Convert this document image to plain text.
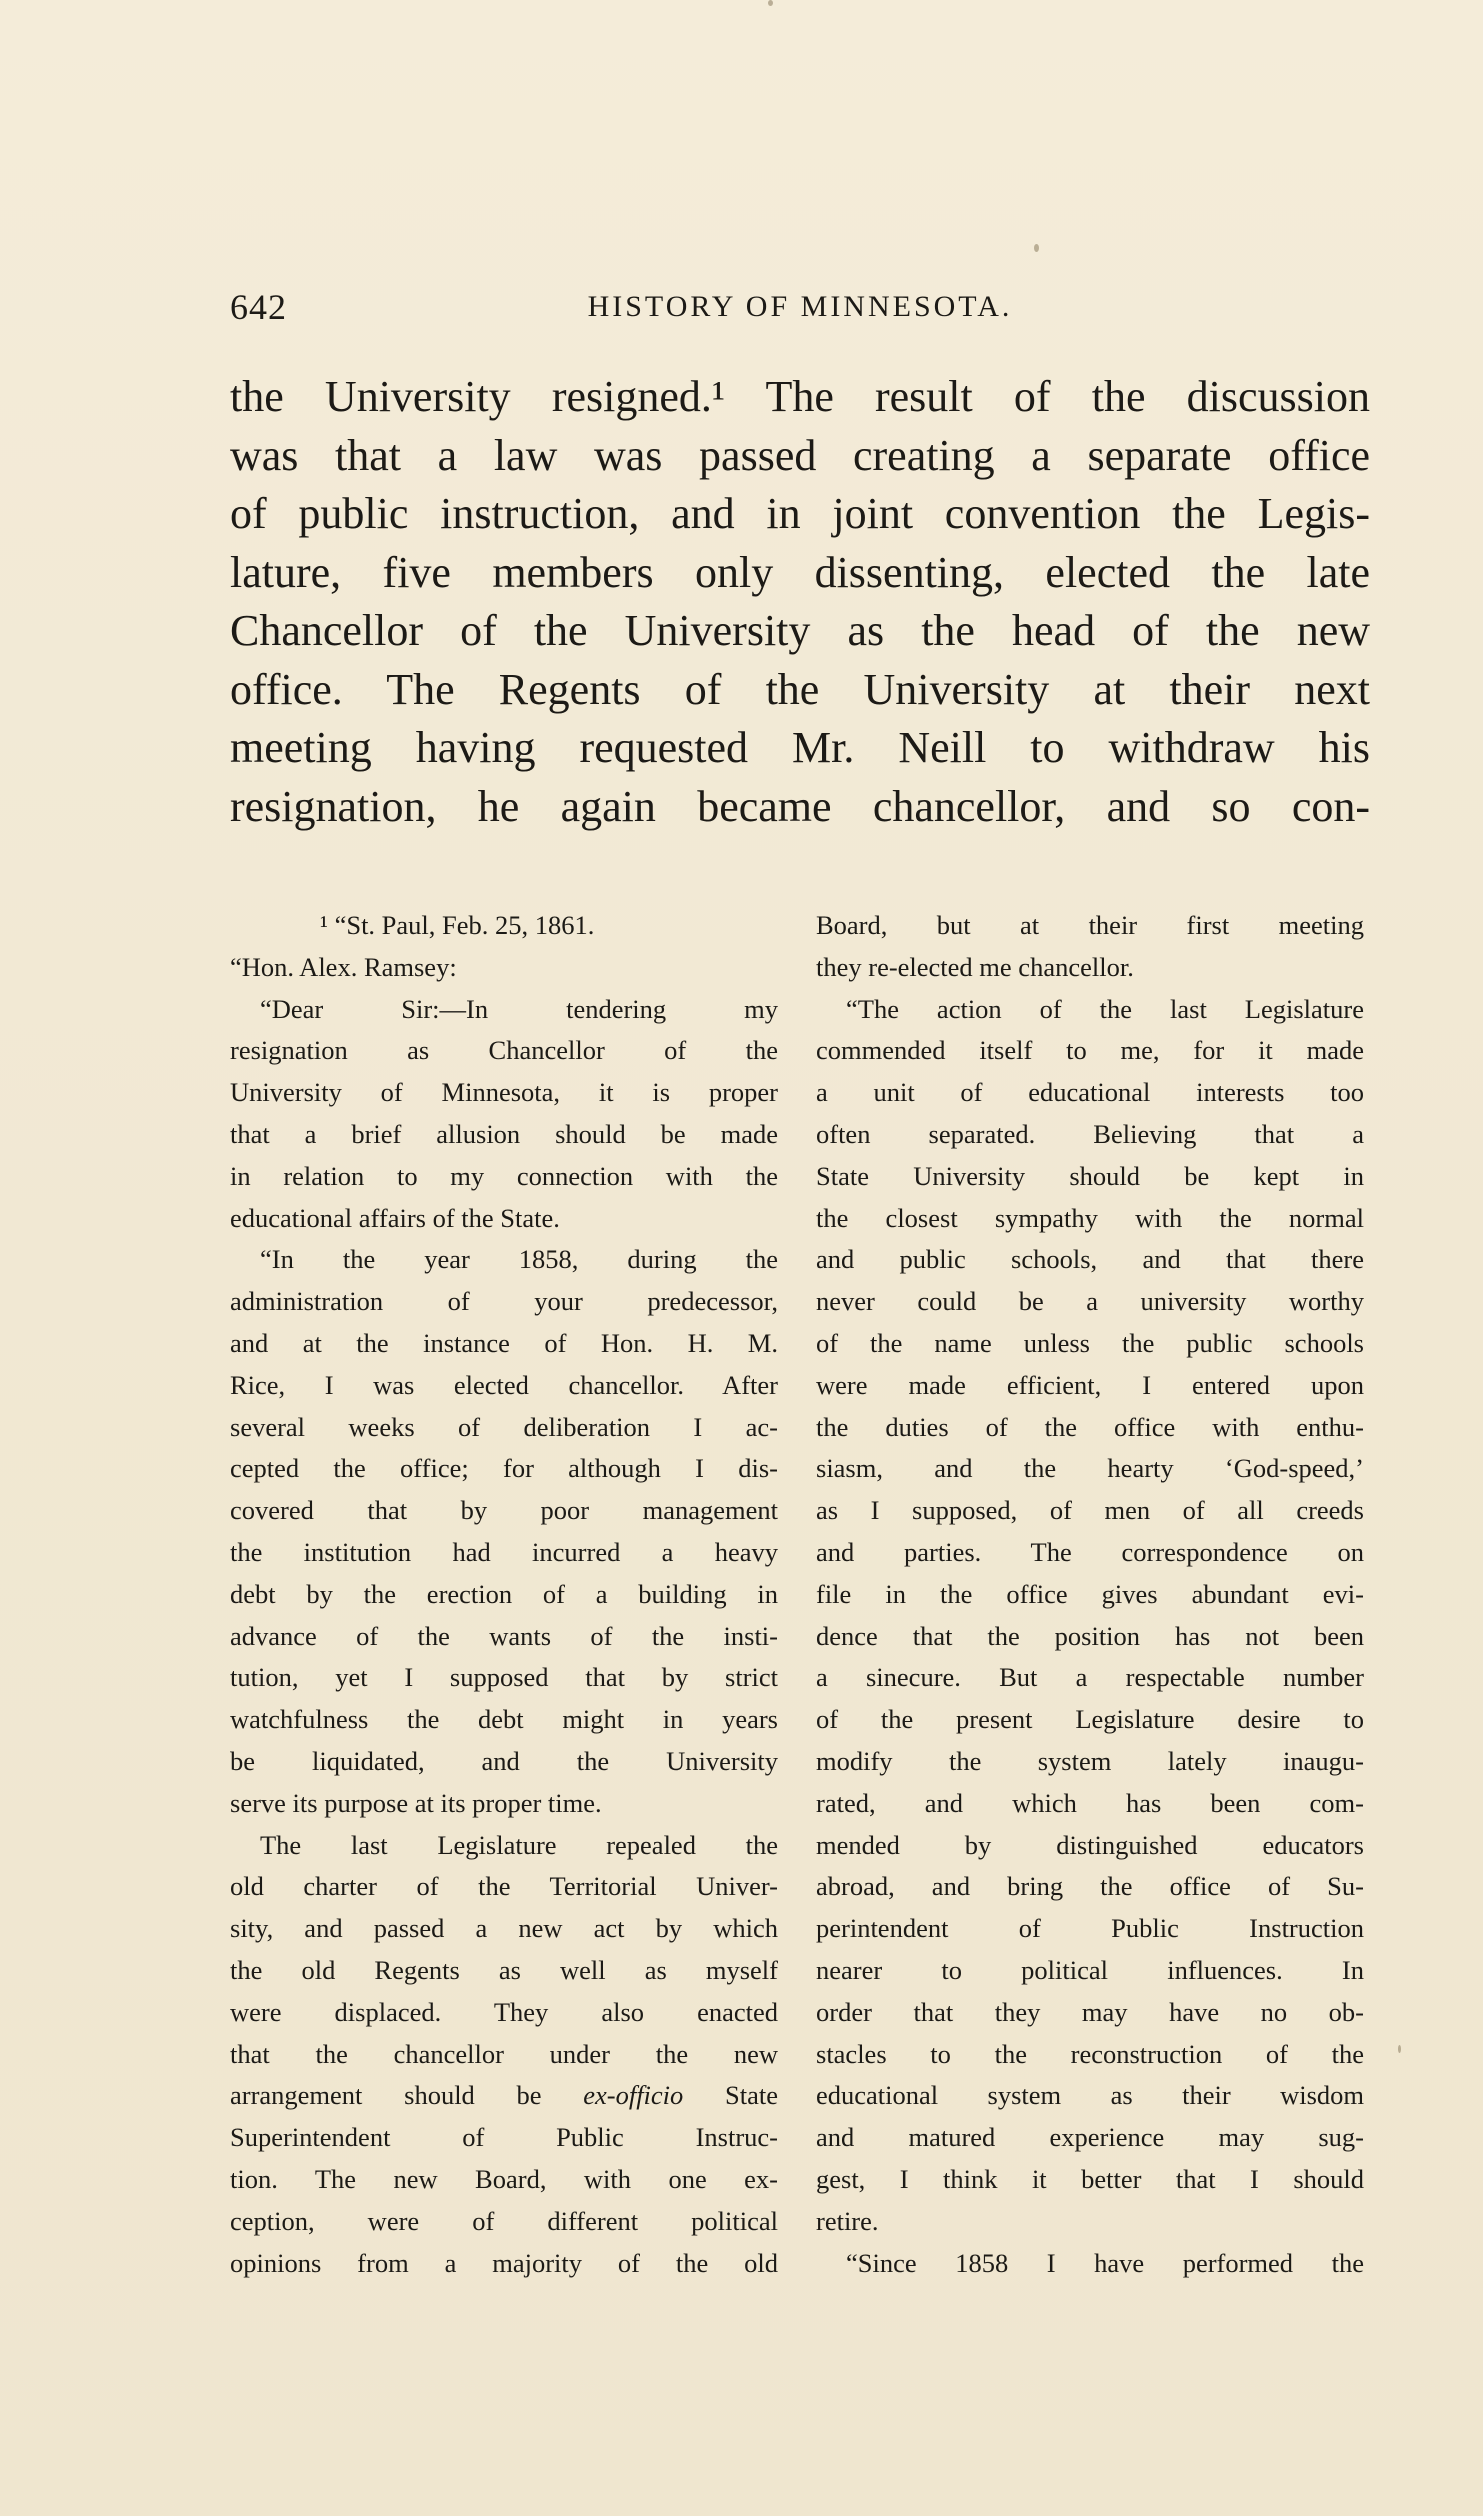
642	HISTORY OF MINNESOTA.
the University resigned.¹ The result of the discussion
was that a law was passed creating a separate office
of public instruction, and in joint convention the Legis-
lature, five members only dissenting, elected the late
Chancellor of the University as the head of the new
office. The Regents of the University at their next
meeting having requested Mr. Neill to withdraw his
resignation, he again became chancellor, and so con-
¹ “St. Paul, Feb. 25, 1861.
“Hon. Alex. Ramsey:
“Dear Sir:—In tendering my
resignation as Chancellor of the
University of Minnesota, it is proper
that a brief allusion should be made
in relation to my connection with the
educational affairs of the State.
“In the year 1858, during the
administration of your predecessor,
and at the instance of Hon. H. M.
Rice, I was elected chancellor. After
several weeks of deliberation I ac-
cepted the office; for although I dis-
covered that by poor management
the institution had incurred a heavy
debt by the erection of a building in
advance of the wants of the insti-
tution, yet I supposed that by strict
watchfulness the debt might in years
be liquidated, and the University
serve its purpose at its proper time.
The last Legislature repealed the
old charter of the Territorial Univer-
sity, and passed a new act by which
the old Regents as well as myself
were displaced. They also enacted
that the chancellor under the new
arrangement should be ex-officio State
Superintendent of Public Instruc-
tion. The new Board, with one ex-
ception, were of different political
opinions from a majority of the old
Board, but at their first meeting
they re-elected me chancellor.
“The action of the last Legislature
commended itself to me, for it made
a unit of educational interests too
often separated. Believing that a
State University should be kept in
the closest sympathy with the normal
and public schools, and that there
never could be a university worthy
of the name unless the public schools
were made efficient, I entered upon
the duties of the office with enthu-
siasm, and the hearty ‘God-speed,’
as I supposed, of men of all creeds
and parties. The correspondence on
file in the office gives abundant evi-
dence that the position has not been
a sinecure. But a respectable number
of the present Legislature desire to
modify the system lately inaugu-
rated, and which has been com-
mended by distinguished educators
abroad, and bring the office of Su-
perintendent of Public Instruction
nearer to political influences. In
order that they may have no ob-
stacles to the reconstruction of the
educational system as their wisdom
and matured experience may sug-
gest, I think it better that I should
retire.
“Since 1858 I have performed the
